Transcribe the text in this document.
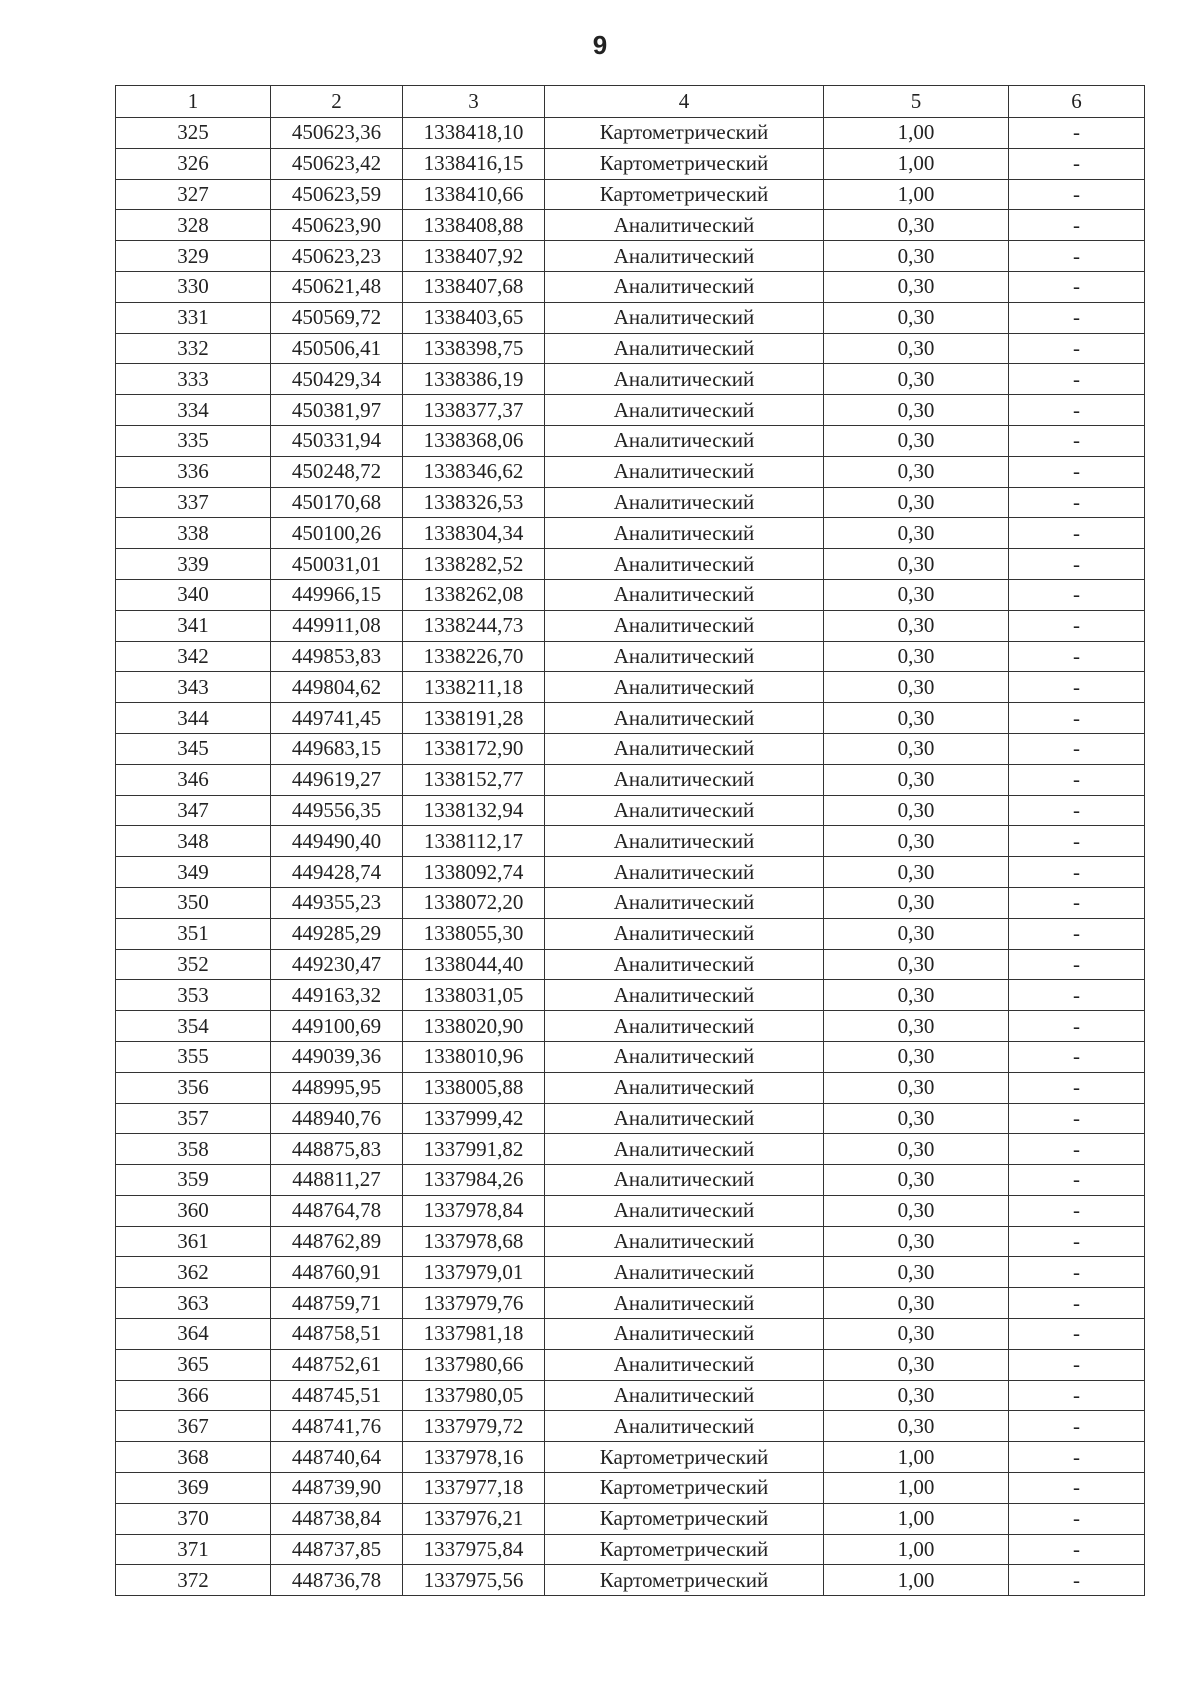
9
1	2	3	4	5	6
325	450623,36	1338418,10	Картометрический	1,00	-
326	450623,42	1338416,15	Картометрический	1,00	-
327	450623,59	1338410,66	Картометрический	1,00	-
328	450623,90	1338408,88	Аналитический	0,30	-
329	450623,23	1338407,92	Аналитический	0,30	-
330	450621,48	1338407,68	Аналитический	0,30	-
331	450569,72	1338403,65	Аналитический	0,30	-
332	450506,41	1338398,75	Аналитический	0,30	-
333	450429,34	1338386,19	Аналитический	0,30	-
334	450381,97	1338377,37	Аналитический	0,30	-
335	450331,94	1338368,06	Аналитический	0,30	-
336	450248,72	1338346,62	Аналитический	0,30	-
337	450170,68	1338326,53	Аналитический	0,30	-
338	450100,26	1338304,34	Аналитический	0,30	-
339	450031,01	1338282,52	Аналитический	0,30	-
340	449966,15	1338262,08	Аналитический	0,30	-
341	449911,08	1338244,73	Аналитический	0,30	-
342	449853,83	1338226,70	Аналитический	0,30	-
343	449804,62	1338211,18	Аналитический	0,30	-
344	449741,45	1338191,28	Аналитический	0,30	-
345	449683,15	1338172,90	Аналитический	0,30	-
346	449619,27	1338152,77	Аналитический	0,30	-
347	449556,35	1338132,94	Аналитический	0,30	-
348	449490,40	1338112,17	Аналитический	0,30	-
349	449428,74	1338092,74	Аналитический	0,30	-
350	449355,23	1338072,20	Аналитический	0,30	-
351	449285,29	1338055,30	Аналитический	0,30	-
352	449230,47	1338044,40	Аналитический	0,30	-
353	449163,32	1338031,05	Аналитический	0,30	-
354	449100,69	1338020,90	Аналитический	0,30	-
355	449039,36	1338010,96	Аналитический	0,30	-
356	448995,95	1338005,88	Аналитический	0,30	-
357	448940,76	1337999,42	Аналитический	0,30	-
358	448875,83	1337991,82	Аналитический	0,30	-
359	448811,27	1337984,26	Аналитический	0,30	-
360	448764,78	1337978,84	Аналитический	0,30	-
361	448762,89	1337978,68	Аналитический	0,30	-
362	448760,91	1337979,01	Аналитический	0,30	-
363	448759,71	1337979,76	Аналитический	0,30	-
364	448758,51	1337981,18	Аналитический	0,30	-
365	448752,61	1337980,66	Аналитический	0,30	-
366	448745,51	1337980,05	Аналитический	0,30	-
367	448741,76	1337979,72	Аналитический	0,30	-
368	448740,64	1337978,16	Картометрический	1,00	-
369	448739,90	1337977,18	Картометрический	1,00	-
370	448738,84	1337976,21	Картометрический	1,00	-
371	448737,85	1337975,84	Картометрический	1,00	-
372	448736,78	1337975,56	Картометрический	1,00	-
